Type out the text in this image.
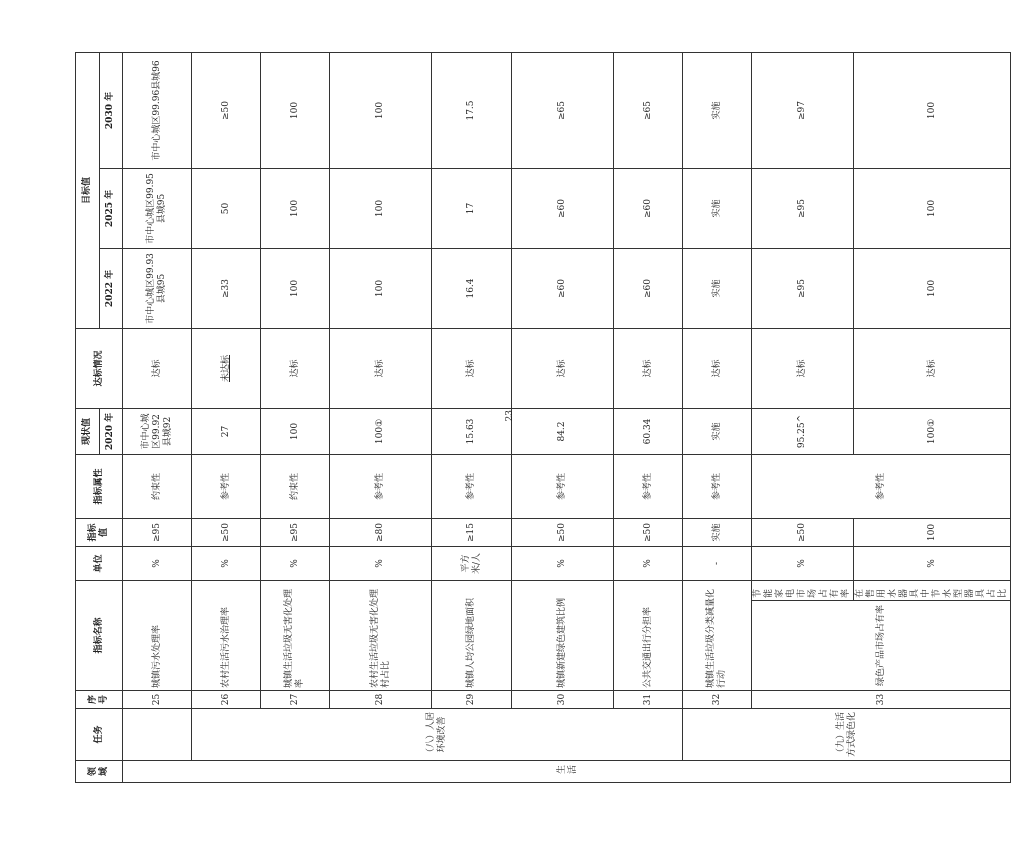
领域	任务	序号	指标名称		单位	指标值	指标属性	现状值	达标情况	目标值	
								2020 年		2022 年	2025 年	2030 年	
生活		25	城镇污水处理率		%	≥95	约束性	市中心城区99.92县城92	达标	市中心城区99.93县城95	市中心城区99.95县城95	市中心城区99.96县城96	
	（八）人居环境改善	26	农村生活污水治理率		%	≥50	参考性	27	未达标	≥33	50	≥50	
		27	城镇生活垃圾无害化处理率		%	≥95	约束性	100	达标	100	100	100	
		28	农村生活垃圾无害化处理村占比		%	≥80	参考性	100①	达标	100	100	100	
		29	城镇人均公园绿地面积		平方米/人	≥15	参考性	15.63	达标	16.4	17	17.5	
		30	城镇新建绿色建筑比例		%	≥50	参考性	84.2	达标	≥60	≥60	≥65	
		31	公共交通出行分担率		%	≥50	参考性	60.34	达标	≥60	≥60	≥65	
	（九）生活方式绿色化	32	城镇生活垃圾分类减量化行动		-	实施	参考性	实施	达标	实施	实施	实施	
		33	绿色产品市场占有率	节能家电市场占有率	%	≥50	参考性	95.25^	达标	≥95	≥95	≥97	
				在售用水器具中节水型器具占比	%	100		100①	达标	100	100	100	
23
